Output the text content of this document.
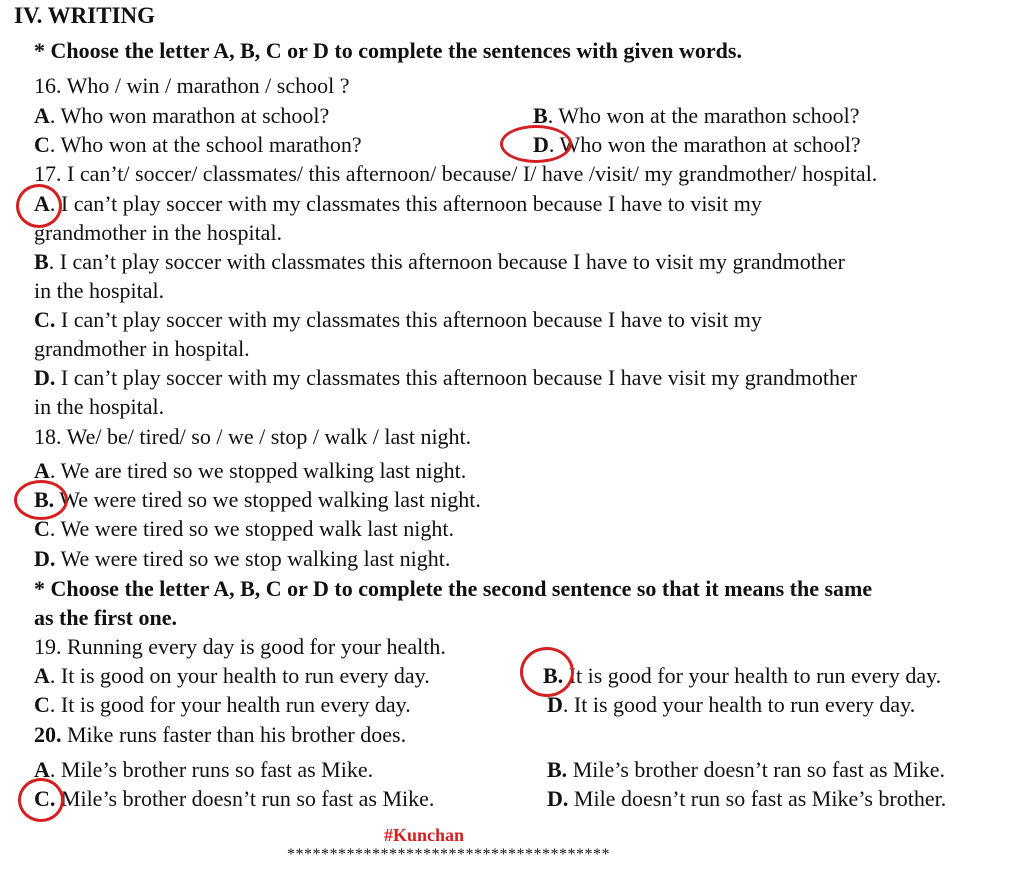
IV. WRITING
* Choose the letter A, B, C or D to complete the sentences with given words.
16. Who / win / marathon / school ?
A. Who won marathon at school?	B. Who won at the marathon school?
C. Who won at the school marathon?	D. Who won the marathon at school?
17. I can’t/ soccer/ classmates/ this afternoon/ because/ I/ have /visit/ my grandmother/ hospital.
A. I can’t play soccer with my classmates this afternoon because I have to visit my
grandmother in the hospital.
B. I can’t play soccer with classmates this afternoon because I have to visit my grandmother
in the hospital.
C. I can’t play soccer with my classmates this afternoon because I have to visit my
grandmother in hospital.
D. I can’t play soccer with my classmates this afternoon because I have visit my grandmother
in the hospital.
18. We/ be/ tired/ so / we / stop / walk / last night.
A. We are tired so we stopped walking last night.
B. We were tired so we stopped walking last night.
C. We were tired so we stopped walk last night.
D. We were tired so we stop walking last night.
* Choose the letter A, B, C or D to complete the second sentence so that it means the same
as the first one.
19. Running every day is good for your health.
A. It is good on your health to run every day.	B. It is good for your health to run every day.
C. It is good for your health run every day.	D. It is good your health to run every day.
20. Mike runs faster than his brother does.
A. Mile’s brother runs so fast as Mike.	B. Mile’s brother doesn’t ran so fast as Mike.
C. Mile’s brother doesn’t run so fast as Mike.	D. Mile doesn’t run so fast as Mike’s brother.
#Kunchan
**************************************
